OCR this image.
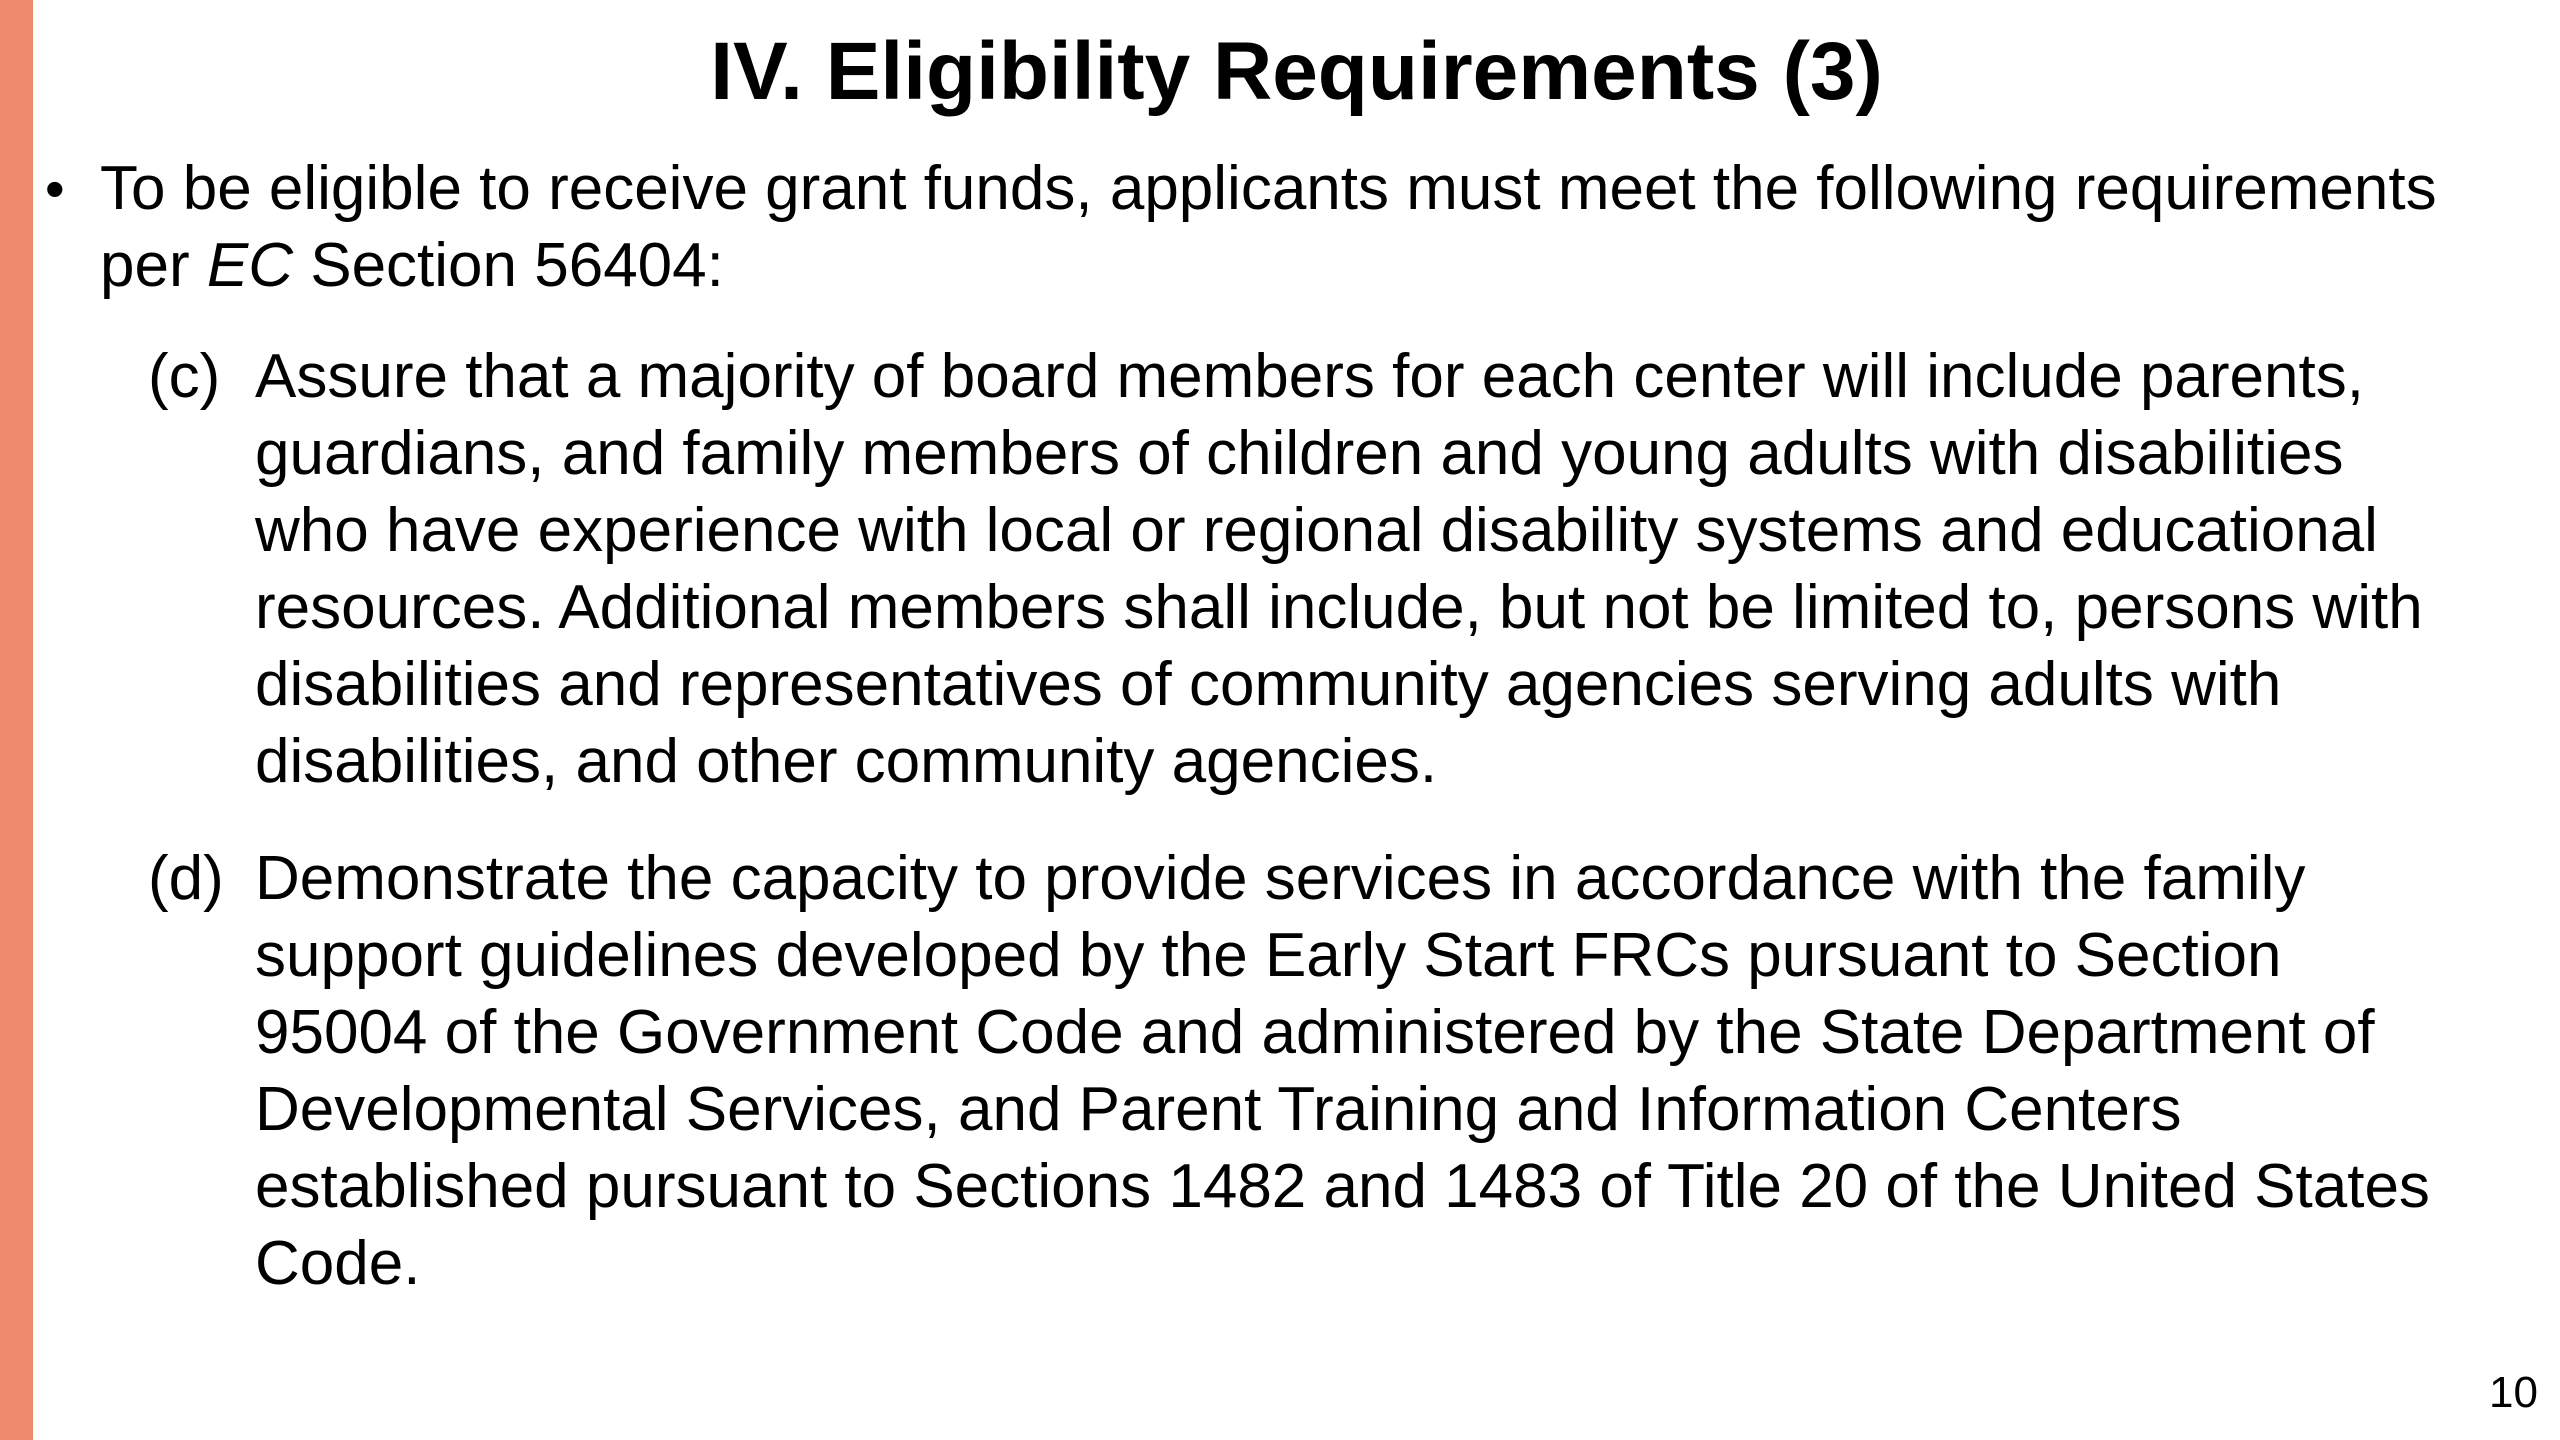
IV. Eligibility Requirements (3)
• To be eligible to receive grant funds, applicants must meet the following requirements per EC Section 56404:

(c) Assure that a majority of board members for each center will include parents,
guardians, and family members of children and young adults with disabilities
who have experience with local or regional disability systems and educational
resources. Additional members shall include, but not be limited to, persons with
disabilities and representatives of community agencies serving adults with
disabilities, and other community agencies.

(d) Demonstrate the capacity to provide services in accordance with the family
support guidelines developed by the Early Start FRCs pursuant to Section
95004 of the Government Code and administered by the State Department of
Developmental Services, and Parent Training and Information Centers
established pursuant to Sections 1482 and 1483 of Title 20 of the United States
Code.

10
